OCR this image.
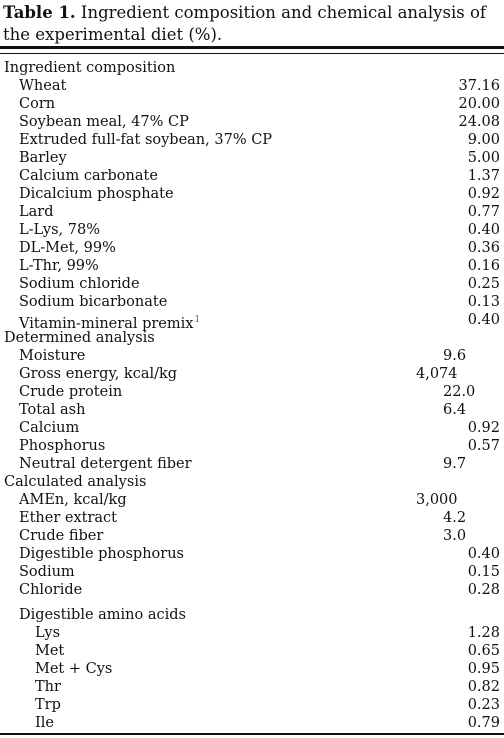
Table 1. Ingredient composition and chemical analysis of the experimental diet (%).
Ingredient composition
Wheat	37.16
Corn	20.00
Soybean meal, 47% CP	24.08
Extruded full-fat soybean, 37% CP	9.00
Barley	5.00
Calcium carbonate	1.37
Dicalcium phosphate	0.92
Lard	0.77
L-Lys, 78%	0.40
DL-Met, 99%	0.36
L-Thr, 99%	0.16
Sodium chloride	0.25
Sodium bicarbonate	0.13
Vitamin-mineral premix$^1$	0.40
Determined analysis
Moisture	9.6
Gross energy, kcal/kg	4,074
Crude protein	22.0
Total ash	6.4
Calcium	0.92
Phosphorus	0.57
Neutral detergent fiber	9.7
Calculated analysis
AMEn, kcal/kg	3,000
Ether extract	4.2
Crude fiber	3.0
Digestible phosphorus	0.40
Sodium	0.15
Chloride	0.28
Digestible amino acids
Lys	1.28
Met	0.65
Met + Cys	0.95
Thr	0.82
Trp	0.23
Ile	0.79
